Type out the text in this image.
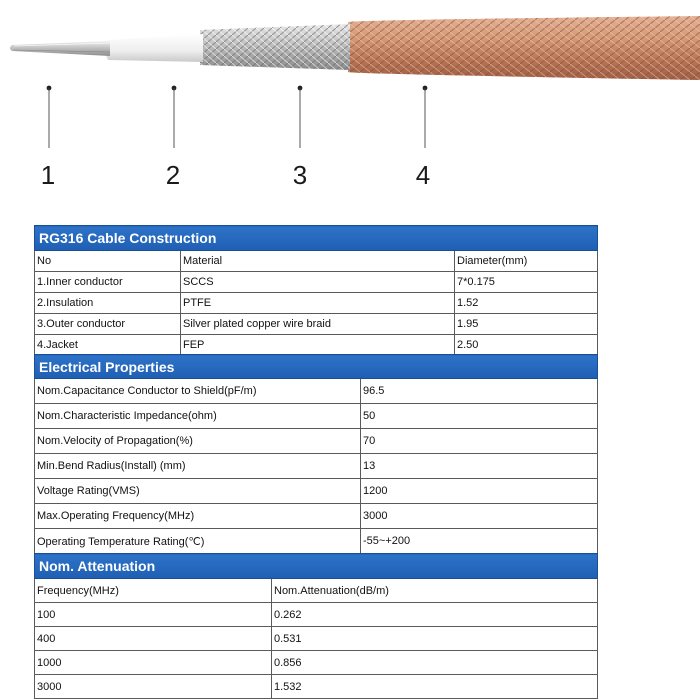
1	2	3	4
RG316 Cable Construction		
No	Material	Diameter(mm)
1.Inner conductor	SCCS	7*0.175
2.Insulation	PTFE	1.52
3.Outer conductor	Silver plated copper wire braid	1.95
4.Jacket	FEP	2.50
Electrical Properties	
Nom.Capacitance Conductor to Shield(pF/m)	96.5
Nom.Characteristic Impedance(ohm)	50
Nom.Velocity of Propagation(%)	70
Min.Bend Radius(Install) (mm)	13
Voltage Rating(VMS)	1200
Max.Operating Frequency(MHz)	3000
Operating Temperature Rating(℃)	-55~+200
Nom. Attenuation	
Frequency(MHz)	Nom.Attenuation(dB/m)
100	0.262
400	0.531
1000	0.856
3000	1.532
